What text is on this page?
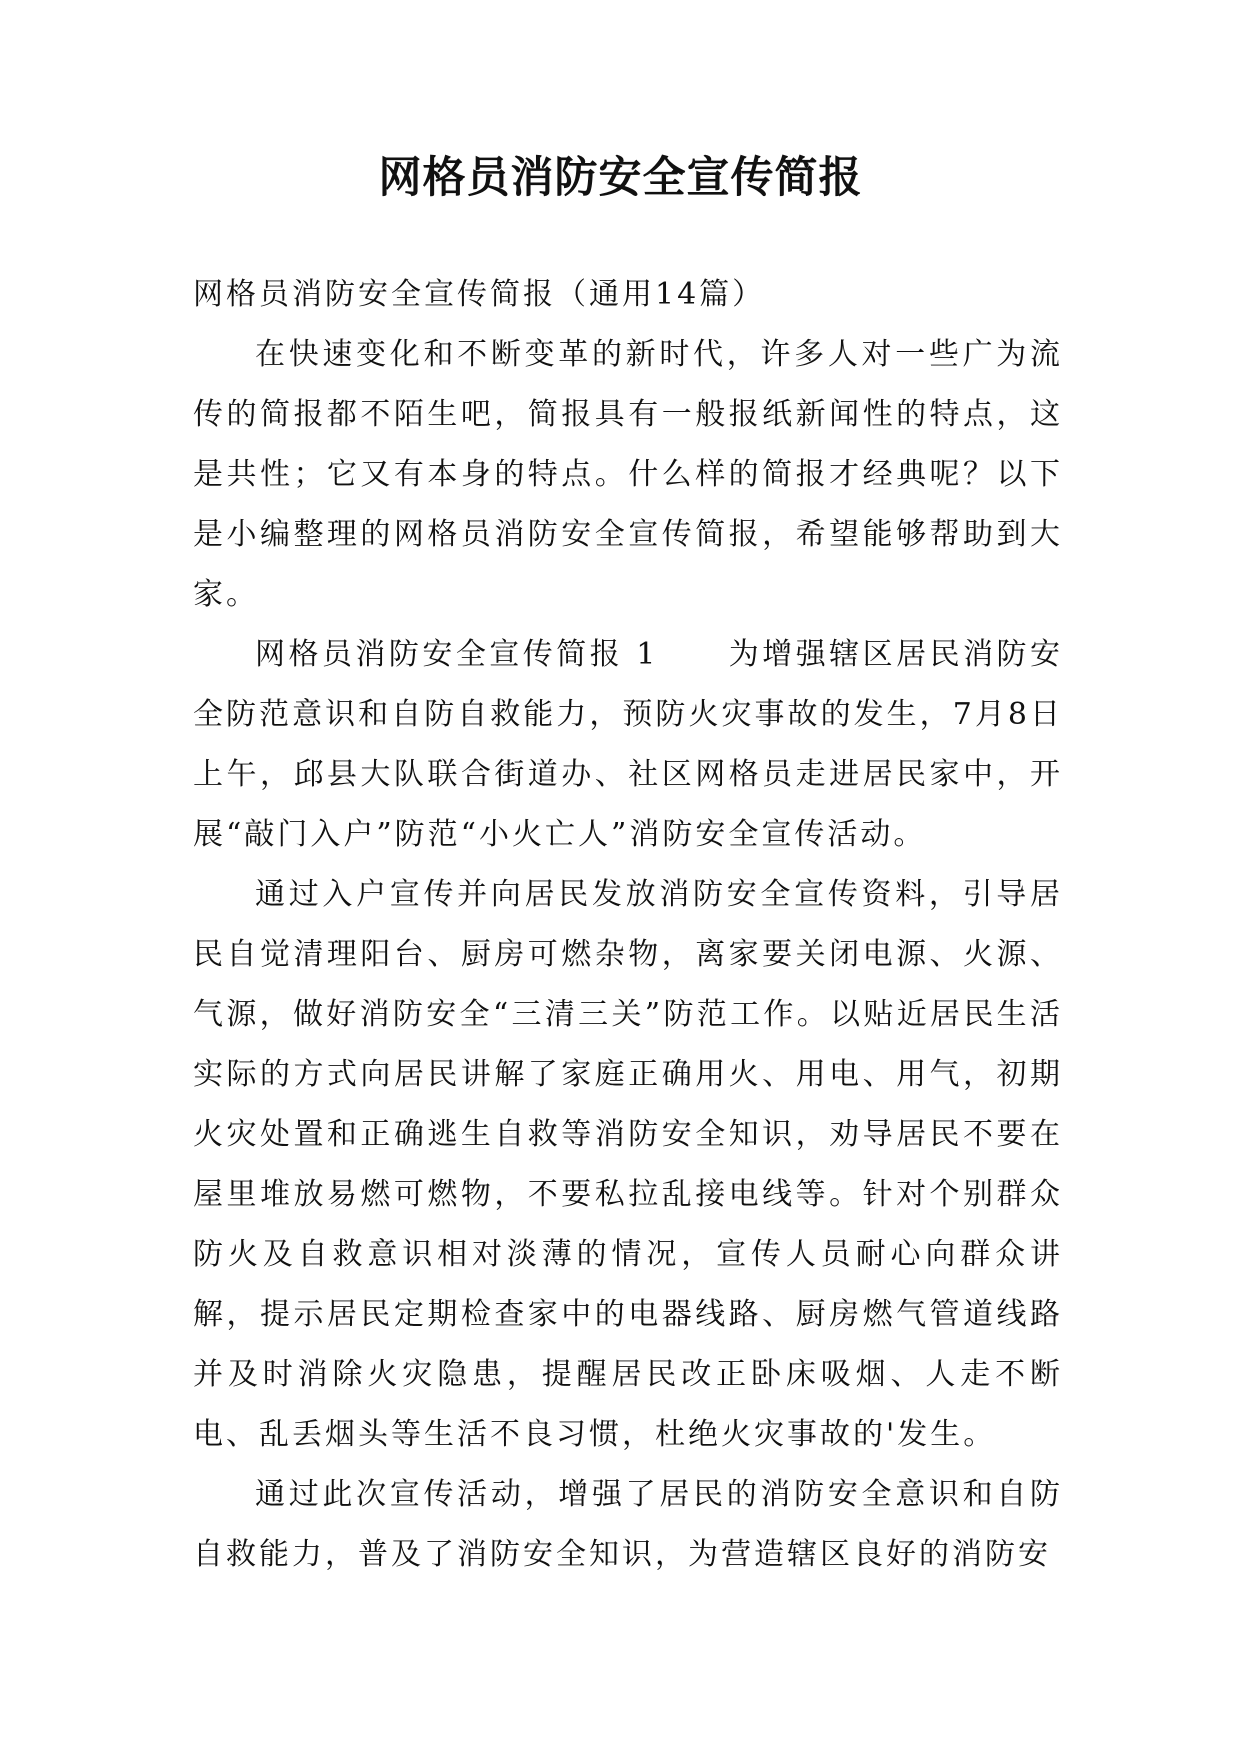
网格员消防安全宣传简报

网格员消防安全宣传简报（通用14篇）

在快速变化和不断变革的新时代，许多人对一些广为流传的简报都不陌生吧，简报具有一般报纸新闻性的特点，这是共性；它又有本身的特点。什么样的简报才经典呢？以下是小编整理的网格员消防安全宣传简报，希望能够帮助到大家。

网格员消防安全宣传简报 1 为增强辖区居民消防安全防范意识和自防自救能力，预防火灾事故的发生，7月8日上午，邱县大队联合街道办、社区网格员走进居民家中，开展“敲门入户”防范“小火亡人”消防安全宣传活动。

通过入户宣传并向居民发放消防安全宣传资料，引导居民自觉清理阳台、厨房可燃杂物，离家要关闭电源、火源、气源，做好消防安全“三清三关”防范工作。以贴近居民生活实际的方式向居民讲解了家庭正确用火、用电、用气，初期火灾处置和正确逃生自救等消防安全知识，劝导居民不要在屋里堆放易燃可燃物，不要私拉乱接电线等。针对个别群众防火及自救意识相对淡薄的情况，宣传人员耐心向群众讲解，提示居民定期检查家中的电器线路、厨房燃气管道线路并及时消除火灾隐患，提醒居民改正卧床吸烟、人走不断电、乱丢烟头等生活不良习惯，杜绝火灾事故的'发生。

通过此次宣传活动，增强了居民的消防安全意识和自防自救能力，普及了消防安全知识，为营造辖区良好的消防安
